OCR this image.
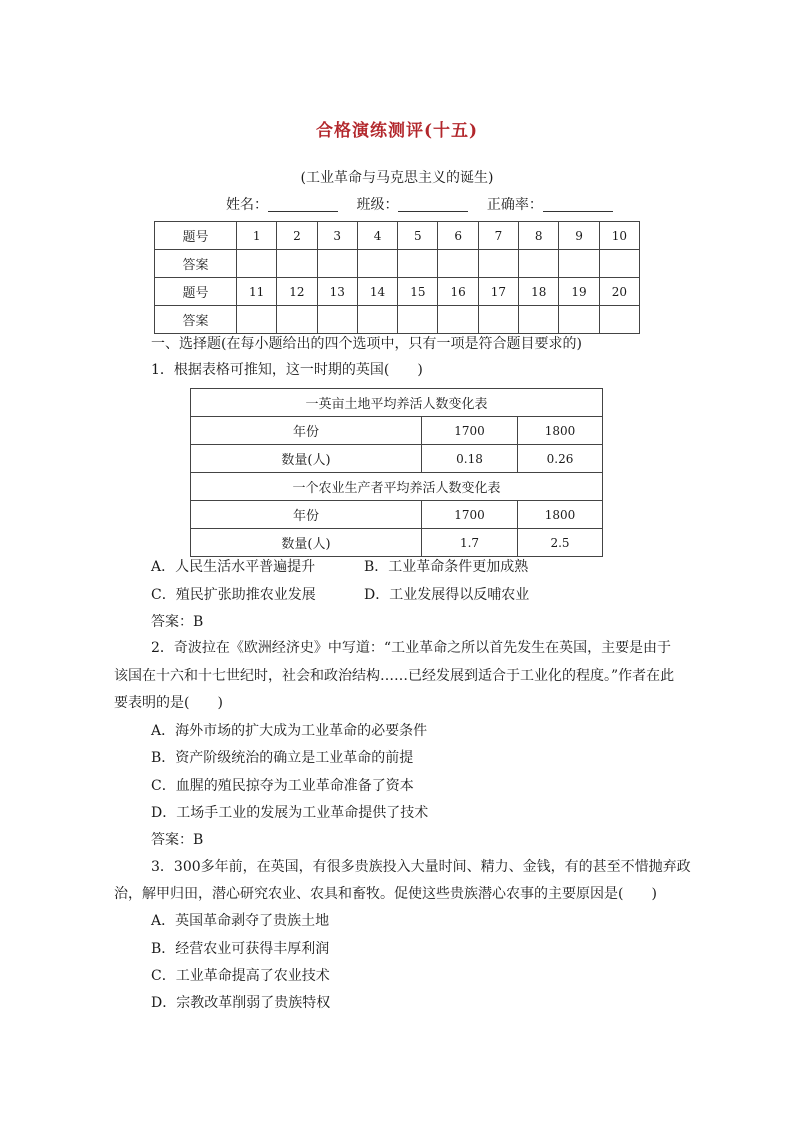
合格演练测评(十五)
(工业革命与马克思主义的诞生)
姓名：	班级：	正确率：
题号	1	2	3	4	5	6	7	8	9	10
答案										
题号	11	12	13	14	15	16	17	18	19	20
答案										
一、选择题(在每小题给出的四个选项中，只有一项是符合题目要求的)
1．根据表格可推知，这一时期的英国(　　)
一英亩土地平均养活人数变化表		
年份	1700	1800
数量(人)	0.18	0.26
一个农业生产者平均养活人数变化表		
年份	1700	1800
数量(人)	1.7	2.5
A．人民生活水平普遍提升	B．工业革命条件更加成熟
C．殖民扩张助推农业发展	D．工业发展得以反哺农业
答案：B
2．奇波拉在《欧洲经济史》中写道：“工业革命之所以首先发生在英国，主要是由于
该国在十六和十七世纪时，社会和政治结构……已经发展到适合于工业化的程度。”作者在此
要表明的是(　　)
A．海外市场的扩大成为工业革命的必要条件
B．资产阶级统治的确立是工业革命的前提
C．血腥的殖民掠夺为工业革命准备了资本
D．工场手工业的发展为工业革命提供了技术
答案：B
3．300多年前，在英国，有很多贵族投入大量时间、精力、金钱，有的甚至不惜抛弃政
治，解甲归田，潜心研究农业、农具和畜牧。促使这些贵族潜心农事的主要原因是(　　)
A．英国革命剥夺了贵族土地
B．经营农业可获得丰厚利润
C．工业革命提高了农业技术
D．宗教改革削弱了贵族特权
